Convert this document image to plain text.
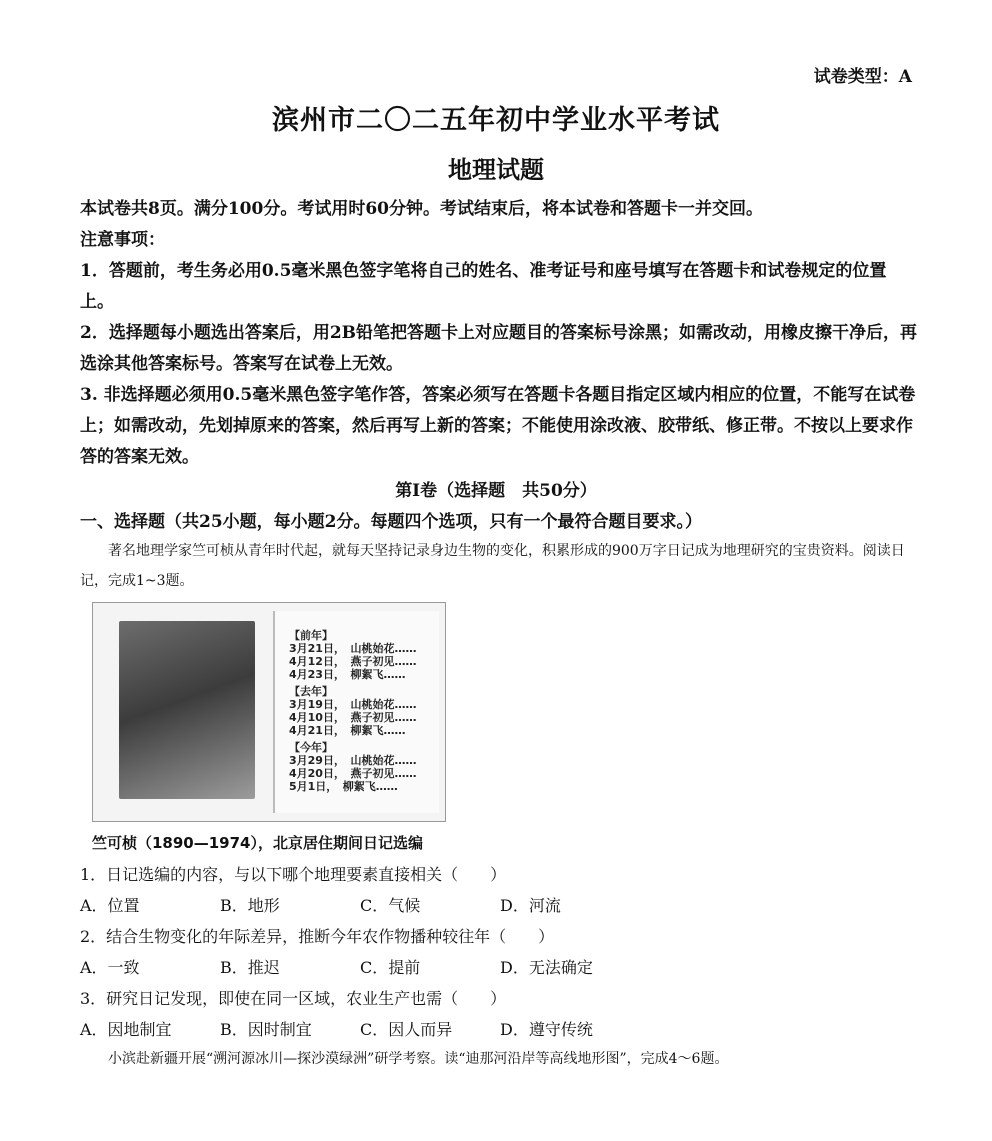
试卷类型：A
滨州市二〇二五年初中学业水平考试
地理试题
本试卷共8页。满分100分。考试用时60分钟。考试结束后，将本试卷和答题卡一并交回。
注意事项：
1．答题前，考生务必用0.5毫米黑色签字笔将自己的姓名、准考证号和座号填写在答题卡和试卷规定的位置上。
2．选择题每小题选出答案后，用2B铅笔把答题卡上对应题目的答案标号涂黑；如需改动，用橡皮擦干净后，再选涂其他答案标号。答案写在试卷上无效。
3. 非选择题必须用0.5毫米黑色签字笔作答，答案必须写在答题卡各题目指定区域内相应的位置，不能写在试卷上；如需改动，先划掉原来的答案，然后再写上新的答案；不能使用涂改液、胶带纸、修正带。不按以上要求作答的答案无效。
第Ⅰ卷（选择题　共50分）
一、选择题（共25小题，每小题2分。每题四个选项，只有一个最符合题目要求。）
著名地理学家竺可桢从青年时代起，就每天坚持记录身边生物的变化，积累形成的900万字日记成为地理研究的宝贵资料。阅读日记，完成1~3题。
【前年】
3月21日，　山桃始花……
4月12日，　燕子初见……
4月23日，　柳絮飞……
【去年】
3月19日，　山桃始花……
4月10日，　燕子初见……
4月21日，　柳絮飞……
【今年】
3月29日，　山桃始花……
4月20日，　燕子初见……
5月1日，　柳絮飞……
竺可桢（1890—1974），北京居住期间日记选编
1．日记选编的内容，与以下哪个地理要素直接相关（　　）
A．位置	B．地形	C．气候	D．河流
2．结合生物变化的年际差异，推断今年农作物播种较往年（　　）
A．一致	B．推迟	C．提前	D．无法确定
3．研究日记发现，即使在同一区域，农业生产也需（　　）
A．因地制宜	B．因时制宜	C．因人而异	D．遵守传统
小滨赴新疆开展“溯河源冰川—探沙漠绿洲”研学考察。读“迪那河沿岸等高线地形图”，完成4～6题。
